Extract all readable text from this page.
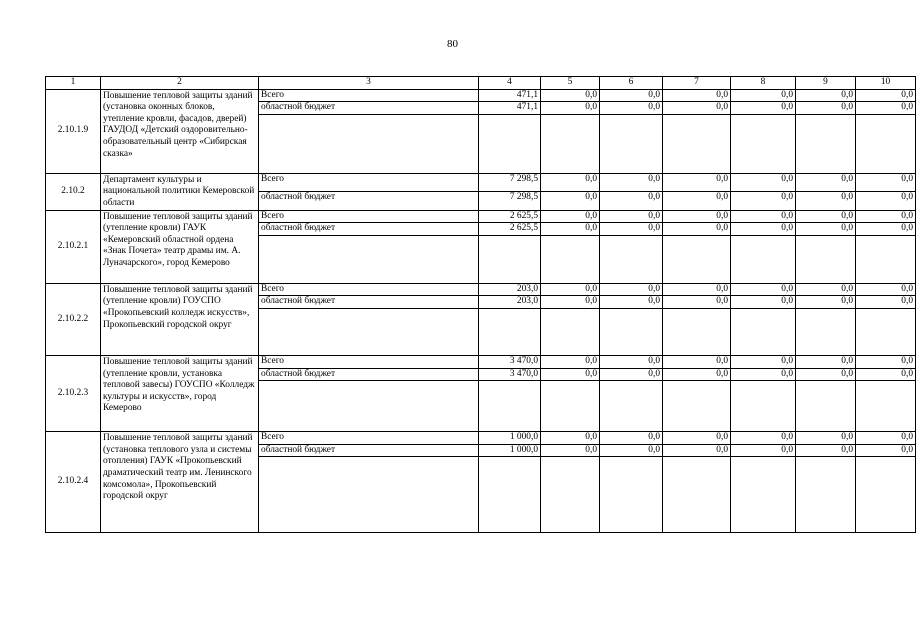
80
1	2	3	4	5	6	7	8	9	10
2.10.1.9	Повышение тепловой защиты зданий (установка оконных блоков, утепление кровли, фасадов, дверей) ГАУДОД «Детский оздоровительно-образовательный центр «Сибирская сказка»	Всего	471,1	0,0	0,0	0,0	0,0	0,0	0,0
		областной бюджет	471,1	0,0	0,0	0,0	0,0	0,0	0,0

2.10.2	Департамент культуры и национальной политики Кемеровской области	Всего	7 298,5	0,0	0,0	0,0	0,0	0,0	0,0
		областной бюджет	7 298,5	0,0	0,0	0,0	0,0	0,0	0,0
2.10.2.1	Повышение тепловой защиты зданий (утепление кровли) ГАУК «Кемеровский областной ордена «Знак Почета» театр драмы им. А. Луначарского», город Кемерово	Всего	2 625,5	0,0	0,0	0,0	0,0	0,0	0,0
		областной бюджет	2 625,5	0,0	0,0	0,0	0,0	0,0	0,0

2.10.2.2	Повышение тепловой защиты зданий (утепление кровли) ГОУСПО «Прокопьевский колледж искусств», Прокопьевский городской округ	Всего	203,0	0,0	0,0	0,0	0,0	0,0	0,0
		областной бюджет	203,0	0,0	0,0	0,0	0,0	0,0	0,0

2.10.2.3	Повышение тепловой защиты зданий (утепление кровли, установка тепловой завесы) ГОУСПО «Колледж культуры и искусств», город Кемерово	Всего	3 470,0	0,0	0,0	0,0	0,0	0,0	0,0
		областной бюджет	3 470,0	0,0	0,0	0,0	0,0	0,0	0,0

2.10.2.4	Повышение тепловой защиты зданий (установка теплового узла и системы отопления) ГАУК «Прокопьевский драматический театр им. Ленинского комсомола», Прокопьевский городской округ	Всего	1 000,0	0,0	0,0	0,0	0,0	0,0	0,0
		областной бюджет	1 000,0	0,0	0,0	0,0	0,0	0,0	0,0
